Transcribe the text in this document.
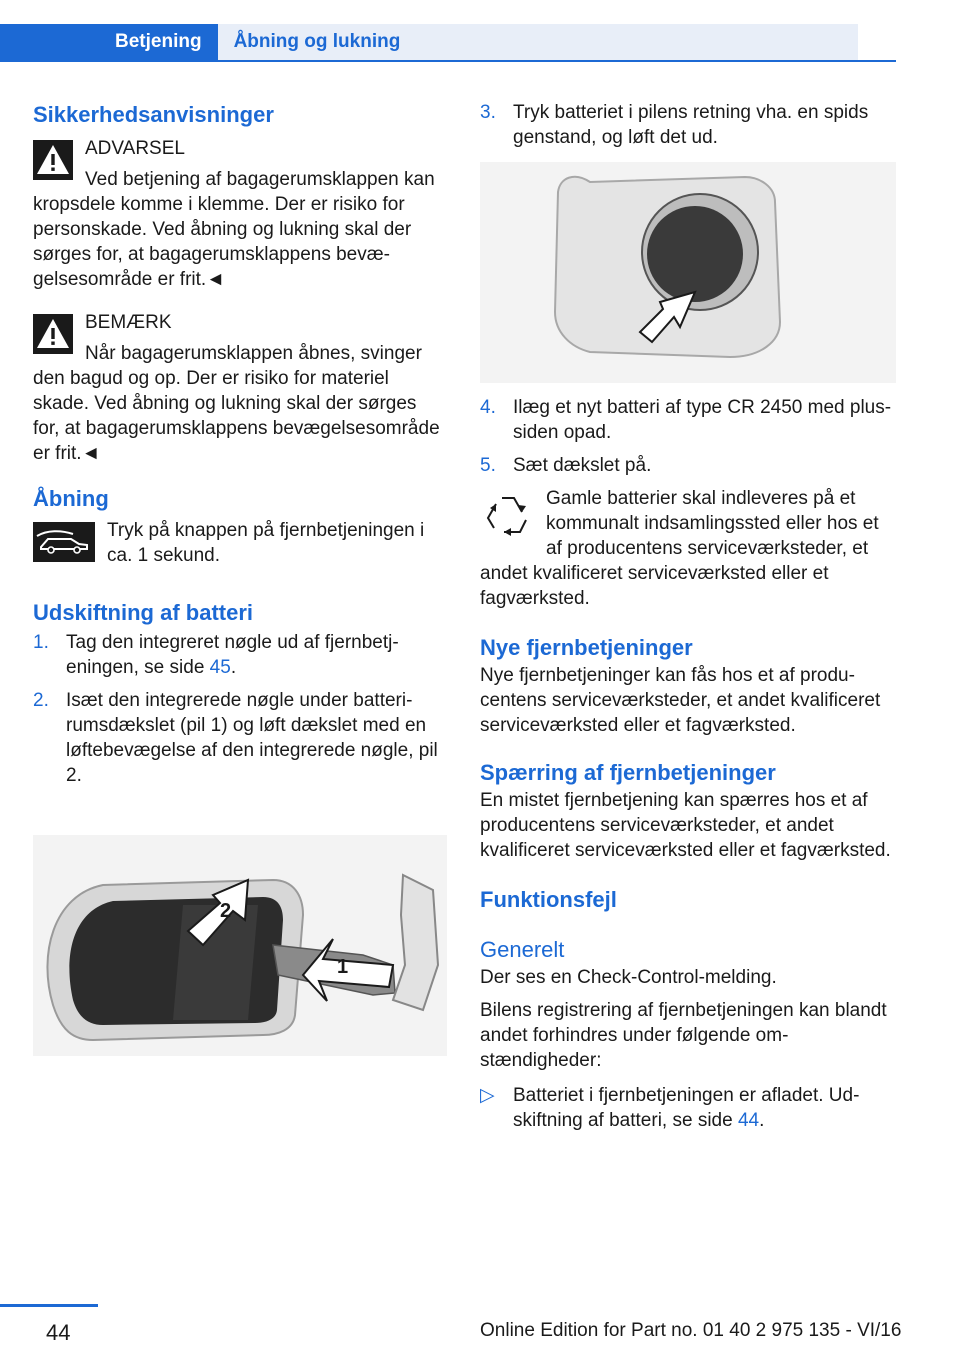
Betjening	Åbning og lukning
Sikkerhedsanvisninger
ADVARSEL

Ved betjening af bagagerumsklappen kan kropsdele komme i klemme. Der er risiko for personskade. Ved åbning og lukning skal der sørges for, at bagagerumsklappens bevægelsesområde er frit.◄

BEMÆRK

Når bagagerumsklappen åbnes, svinger den bagud og op. Der er risiko for materiel skade. Ved åbning og lukning skal der sørges for, at bagagerumsklappens bevægelsesområde er frit.◄

Åbning

Tryk på knappen på fjernbetjeningen i ca. 1 sekund.

Udskiftning af batteri
1. Tag den integreret nøgle ud af fjernbetjeningen, se side 45.
2. Isæt den integrerede nøgle under batterirumsdækslet (pil 1) og løft dækslet med en løftebevægelse af den integrerede nøgle, pil 2.
1
2
3. Tryk batteriet i pilens retning vha. en spids genstand, og løft det ud.
4. Ilæg et nyt batteri af type CR 2450 med plus-siden opad.
5. Sæt dækslet på.

Gamle batterier skal indleveres på et kommunalt indsamlingssted eller hos et af producentens serviceværksteder, et andet kvalificeret serviceværksted eller et fagværksted.

Nye fjernbetjeninger

Nye fjernbetjeninger kan fås hos et af producentens serviceværksteder, et andet kvalificeret serviceværksted eller et fagværksted.

Spærring af fjernbetjeninger

En mistet fjernbetjening kan spærres hos et af producentens serviceværksteder, et andet kvalificeret serviceværksted eller et fagværksted.

Funktionsfejl
Generelt

Der ses en Check-Control-melding.

Bilens registrering af fjernbetjeningen kan blandt andet forhindres under følgende omstændigheder:

▷ Batteriet i fjernbetjeningen er afladet. Udskiftning af batteri, se side 44.
44	Online Edition for Part no. 01 40 2 975 135 - VI/16
